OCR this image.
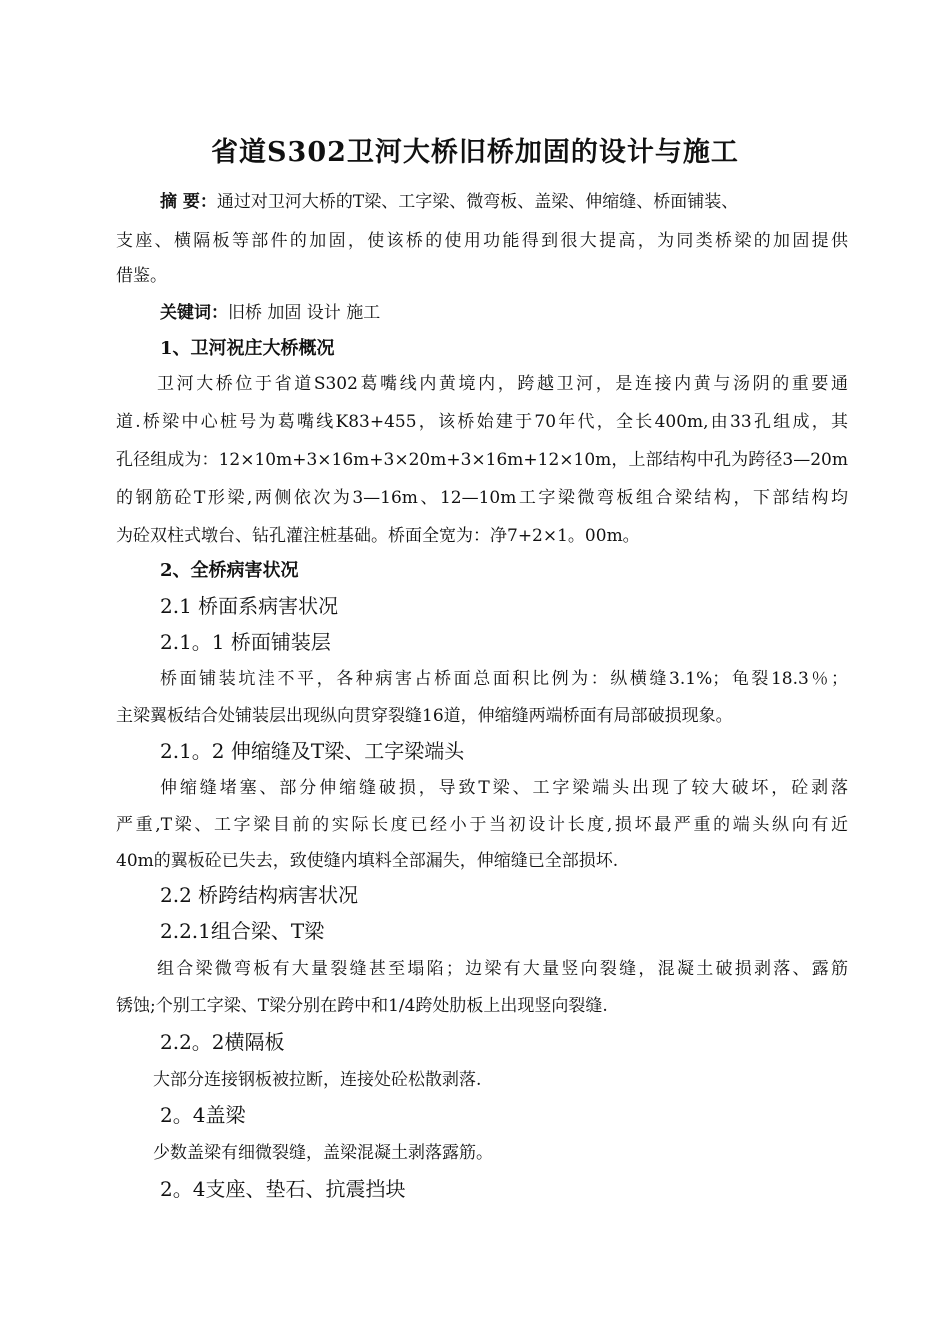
省道S302卫河大桥旧桥加固的设计与施工
摘 要：通过对卫河大桥的T梁、工字梁、微弯板、盖梁、伸缩缝、桥面铺装、
支座、横隔板等部件的加固，使该桥的使用功能得到很大提高，为同类桥梁的加固提供
借鉴。
关键词：旧桥 加固 设计 施工
1、卫河祝庄大桥概况
卫河大桥位于省道S302葛嘴线内黄境内，跨越卫河，是连接内黄与汤阴的重要通
道.桥梁中心桩号为葛嘴线K83+455，该桥始建于70年代，全长400m,由33孔组成，其
孔径组成为：12×10m+3×16m+3×20m+3×16m+12×10m，上部结构中孔为跨径3—20m
的钢筋砼T形梁,两侧依次为3—16m、12—10m工字梁微弯板组合梁结构，下部结构均
为砼双柱式墩台、钻孔灌注桩基础。桥面全宽为：净7+2×1。00m。
2、全桥病害状况
2.1 桥面系病害状况
2.1。1 桥面铺装层
桥面铺装坑洼不平，各种病害占桥面总面积比例为：纵横缝3.1%；龟裂18.3％；
主梁翼板结合处铺装层出现纵向贯穿裂缝16道，伸缩缝两端桥面有局部破损现象。
2.1。2 伸缩缝及T梁、工字梁端头
伸缩缝堵塞、部分伸缩缝破损，导致T梁、工字梁端头出现了较大破坏，砼剥落
严重,T梁、工字梁目前的实际长度已经小于当初设计长度,损坏最严重的端头纵向有近
40m的翼板砼已失去，致使缝内填料全部漏失，伸缩缝已全部损坏.
2.2 桥跨结构病害状况
2.2.1组合梁、T梁
组合梁微弯板有大量裂缝甚至塌陷；边梁有大量竖向裂缝，混凝土破损剥落、露筋
锈蚀;个别工字梁、T梁分别在跨中和1/4跨处肋板上出现竖向裂缝.
2.2。2横隔板
大部分连接钢板被拉断，连接处砼松散剥落.
2。4盖梁
少数盖梁有细微裂缝，盖梁混凝土剥落露筋。
2。4支座、垫石、抗震挡块
